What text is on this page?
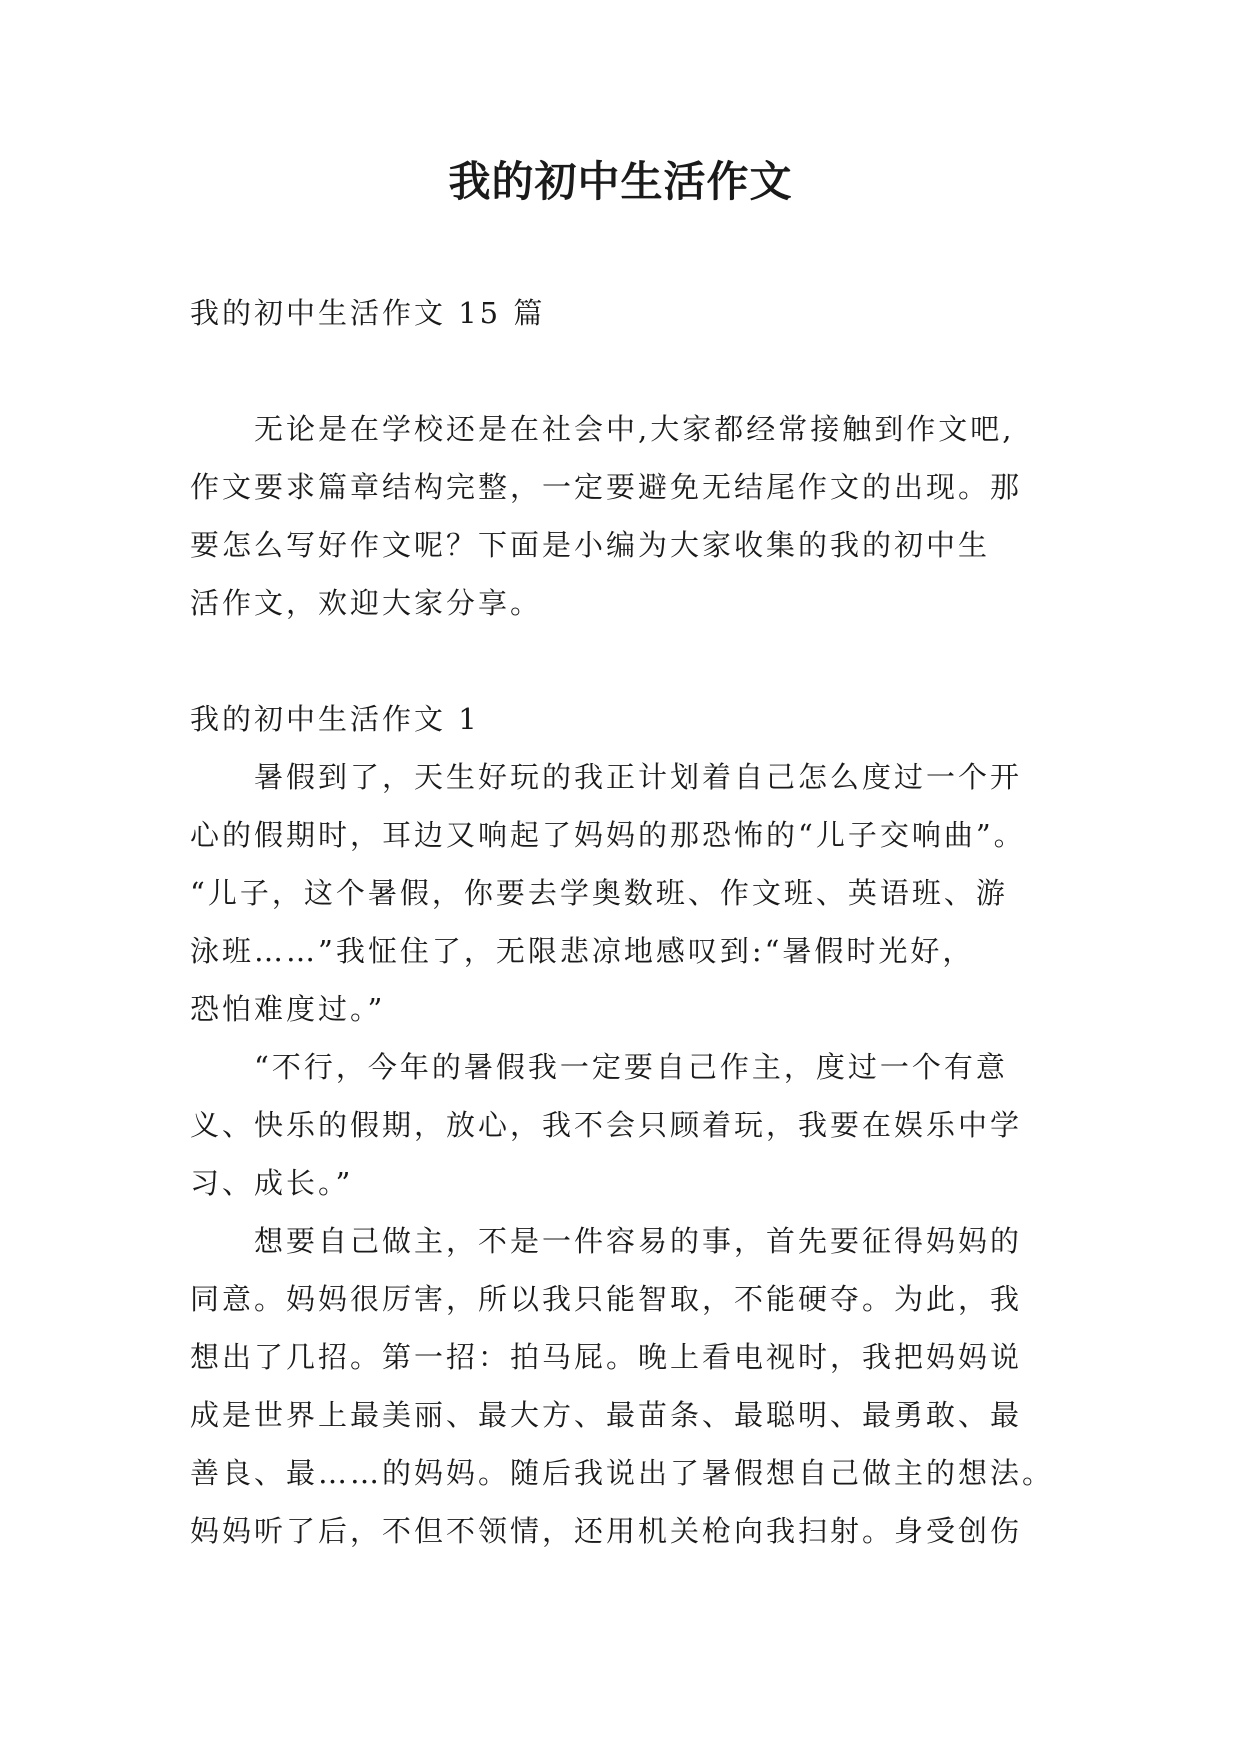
我的初中生活作文
我的初中生活作文 15 篇
无论是在学校还是在社会中,大家都经常接触到作文吧,
作文要求篇章结构完整，一定要避免无结尾作文的出现。那
要怎么写好作文呢？下面是小编为大家收集的我的初中生
活作文，欢迎大家分享。
我的初中生活作文 1
暑假到了，天生好玩的我正计划着自己怎么度过一个开
心的假期时，耳边又响起了妈妈的那恐怖的“儿子交响曲”。
“儿子，这个暑假，你要去学奥数班、作文班、英语班、游
泳班……”我怔住了，无限悲凉地感叹到:“暑假时光好，
恐怕难度过。”
“不行，今年的暑假我一定要自己作主，度过一个有意
义、快乐的假期，放心，我不会只顾着玩，我要在娱乐中学
习、成长。”
想要自己做主，不是一件容易的事，首先要征得妈妈的
同意。妈妈很厉害，所以我只能智取，不能硬夺。为此，我
想出了几招。第一招：拍马屁。晚上看电视时，我把妈妈说
成是世界上最美丽、最大方、最苗条、最聪明、最勇敢、最
善良、最……的妈妈。随后我说出了暑假想自己做主的想法。
妈妈听了后，不但不领情，还用机关枪向我扫射。身受创伤
